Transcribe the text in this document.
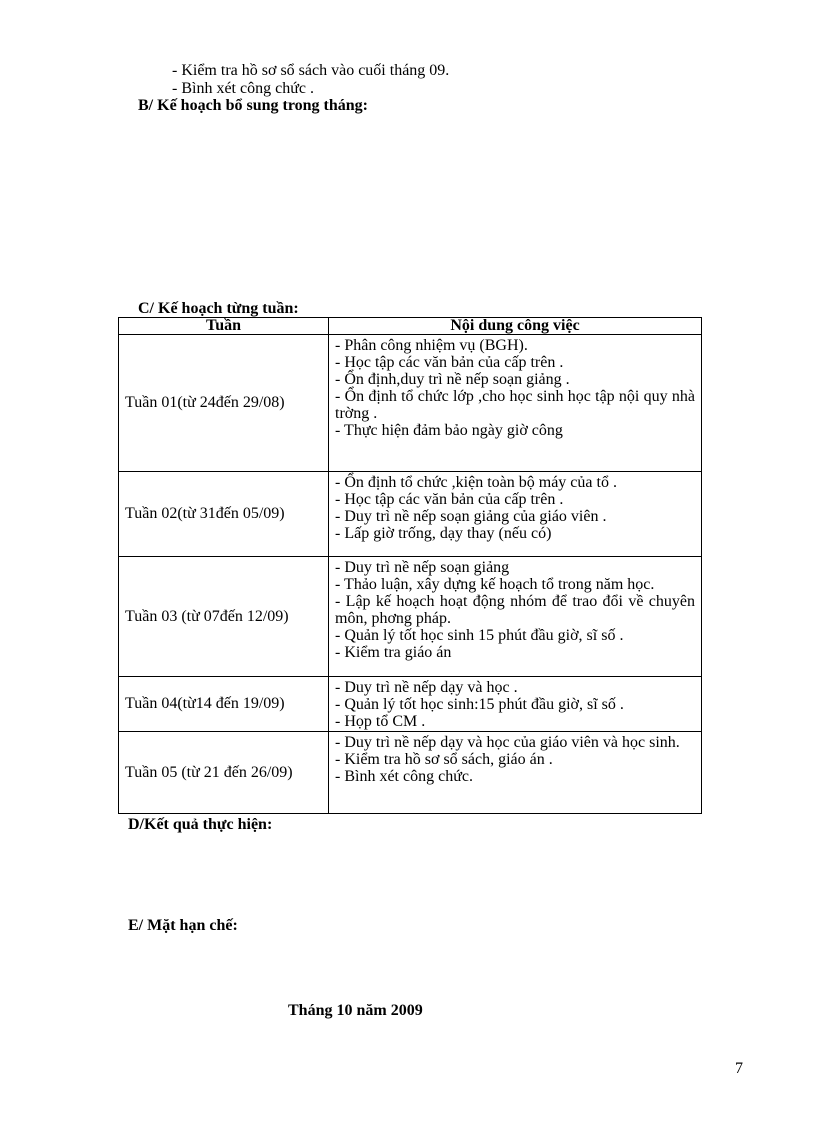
- Kiểm tra hồ sơ sổ sách vào cuối tháng 09.
- Bình xét công chức .
B/ Kế hoạch bổ sung trong tháng:
C/ Kế hoạch từng tuần:
Tuần	Nội dung công việc
Tuần 01(từ 24đến 29/08)	- Phân công nhiệm vụ (BGH).
- Học tập các văn bản của cấp trên .
- Ổn định,duy trì nề nếp soạn giảng .
- Ổn định tổ chức lớp ,cho học sinh học tập nội quy nhà trờng .
- Thực hiện đảm bảo ngày giờ công

Tuần 02(từ 31đến 05/09)	- Ổn định tổ chức ,kiện toàn bộ máy của tổ .
- Học tập các văn bản của cấp trên .
- Duy trì nề nếp soạn giảng của giáo viên .
- Lấp giờ trống, dạy thay (nếu có)

Tuần 03 (từ 07đến 12/09)	- Duy trì nề nếp soạn giảng
- Thảo luận, xây dựng kế hoạch tổ trong năm học.
- Lập kế hoạch hoạt động nhóm để trao đổi về chuyên môn, phơng pháp.
- Quản lý tốt học sinh 15 phút đầu giờ, sĩ số .
- Kiểm tra giáo án

Tuần 04(từ14 đến 19/09)	- Duy trì nề nếp dạy và học .
- Quản lý tốt học sinh:15 phút đầu giờ, sĩ số .
- Họp tổ CM .

Tuần 05 (từ 21 đến 26/09)	- Duy trì nề nếp dạy và học của giáo viên và học sinh.
- Kiểm tra hồ sơ sổ sách, giáo án .
- Bình xét công chức.
D/Kết quả thực hiện:
E/ Mặt hạn chế:
Tháng 10 năm 2009
7
